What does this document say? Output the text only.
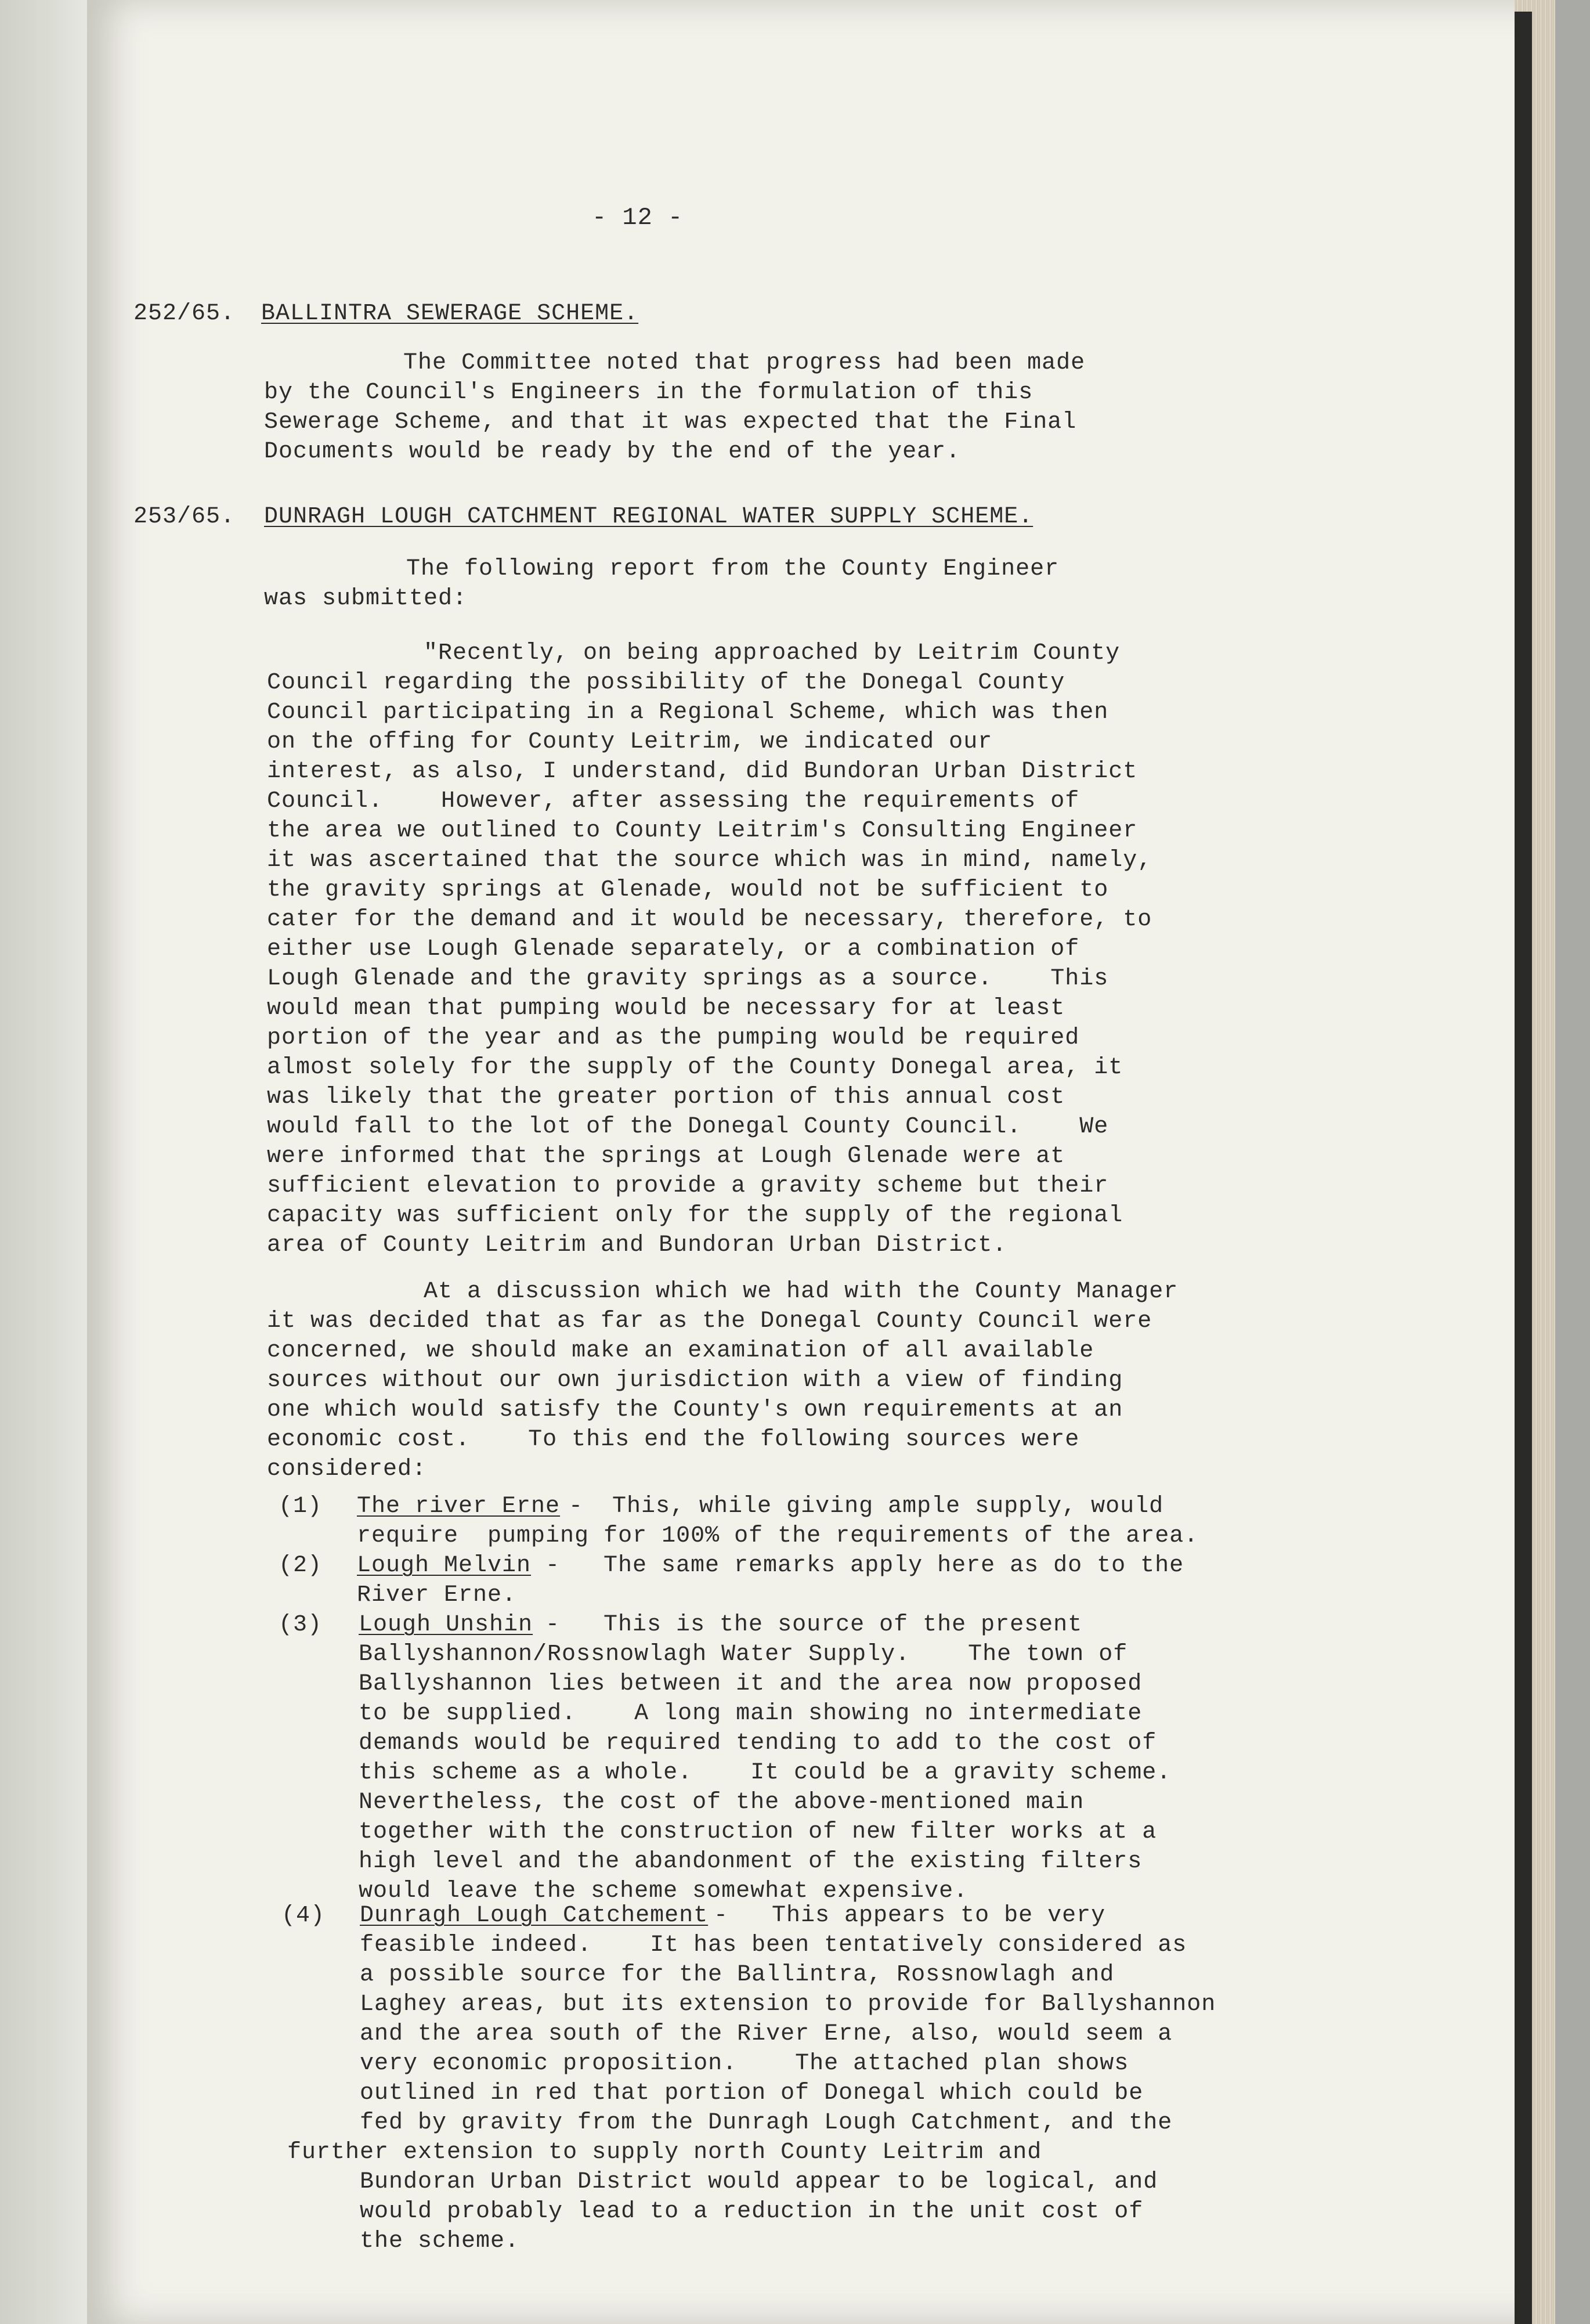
- 12 -
252/65. BALLINTRA SEWERAGE SCHEME.
The Committee noted that progress had been made
by the Council's Engineers in the formulation of this
Sewerage Scheme, and that it was expected that the Final
Documents would be ready by the end of the year.
253/65. DUNRAGH LOUGH CATCHMENT REGIONAL WATER SUPPLY SCHEME.
The following report from the County Engineer
was submitted:
"Recently, on being approached by Leitrim County
Council regarding the possibility of the Donegal County
Council participating in a Regional Scheme, which was then
on the offing for County Leitrim, we indicated our
interest, as also, I understand, did Bundoran Urban District
Council.    However, after assessing the requirements of
the area we outlined to County Leitrim's Consulting Engineer
it was ascertained that the source which was in mind, namely,
the gravity springs at Glenade, would not be sufficient to
cater for the demand and it would be necessary, therefore, to
either use Lough Glenade separately, or a combination of
Lough Glenade and the gravity springs as a source.    This
would mean that pumping would be necessary for at least
portion of the year and as the pumping would be required
almost solely for the supply of the County Donegal area, it
was likely that the greater portion of this annual cost
would fall to the lot of the Donegal County Council.    We
were informed that the springs at Lough Glenade were at
sufficient elevation to provide a gravity scheme but their
capacity was sufficient only for the supply of the regional
area of County Leitrim and Bundoran Urban District.
At a discussion which we had with the County Manager
it was decided that as far as the Donegal County Council were
concerned, we should make an examination of all available
sources without our own jurisdiction with a view of finding
one which would satisfy the County's own requirements at an
economic cost.    To this end the following sources were
considered:
(1) The river Erne -  This, while giving ample supply, would
require  pumping for 100% of the requirements of the area.
(2) Lough Melvin -   The same remarks apply here as do to the
River Erne.
(3) Lough Unshin -   This is the source of the present
Ballyshannon/Rossnowlagh Water Supply.    The town of
Ballyshannon lies between it and the area now proposed
to be supplied.    A long main showing no intermediate
demands would be required tending to add to the cost of
this scheme as a whole.    It could be a gravity scheme.
Nevertheless, the cost of the above-mentioned main
together with the construction of new filter works at a
high level and the abandonment of the existing filters
would leave the scheme somewhat expensive.
(4) Dunragh Lough Catchement -   This appears to be very
feasible indeed.    It has been tentatively considered as
a possible source for the Ballintra, Rossnowlagh and
Laghey areas, but its extension to provide for Ballyshannon
and the area south of the River Erne, also, would seem a
very economic proposition.    The attached plan shows
outlined in red that portion of Donegal which could be
fed by gravity from the Dunragh Lough Catchment, and the
further extension to supply north County Leitrim and
Bundoran Urban District would appear to be logical, and
would probably lead to a reduction in the unit cost of
the scheme.
